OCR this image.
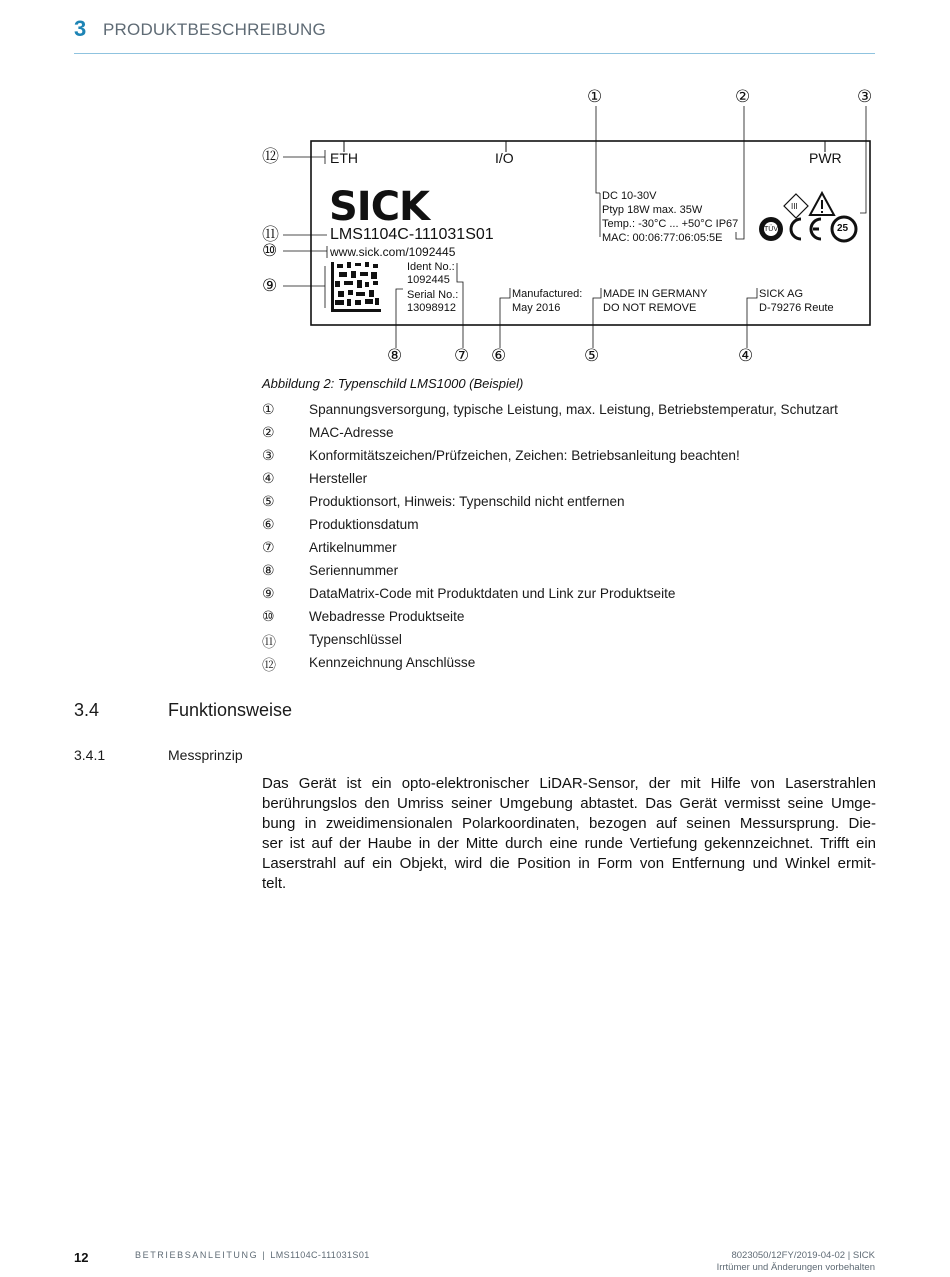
3 PRODUKTBESCHREIBUNG
①	②	③
④
⑤
⑥
⑦
⑧
⑨
⑩
⑪
⑫	ETH	I/O	PWR
SICK
LMS1104C-111031S01
www.sick.com/1092445
Ident No.:
1092445
Serial No.:
13098912
Manufactured:
May 2016
MADE IN GERMANY
DO NOT REMOVE
SICK AG
D-79276 Reute
DC 10-30V
Ptyp 18W max. 35W
Temp.: -30°C ... +50°C IP67
MAC: 00:06:77:06:05:5E
III
TÜV	25
Abbildung 2: Typenschild LMS1000 (Beispiel)
①	Spannungsversorgung, typische Leistung, max. Leistung, Betriebstemperatur, Schutzart
②	MAC-Adresse
③	Konformitätszeichen/Prüfzeichen, Zeichen: Betriebsanleitung beachten!
④	Hersteller
⑤	Produktionsort, Hinweis: Typenschild nicht entfernen
⑥	Produktionsdatum
⑦	Artikelnummer
⑧	Seriennummer
⑨	DataMatrix-Code mit Produktdaten und Link zur Produktseite
⑩	Webadresse Produktseite
⑪ Typenschlüssel
⑫ Kennzeichnung Anschlüsse
3.4	Funktionsweise
3.4.1	Messprinzip
Das Gerät ist ein opto-elektronischer LiDAR-Sensor, der mit Hilfe von Laserstrahlen
berührungslos den Umriss seiner Umgebung abtastet. Das Gerät vermisst seine Umge-
bung in zweidimensionalen Polarkoordinaten, bezogen auf seinen Messursprung. Die-
ser ist auf der Haube in der Mitte durch eine runde Vertiefung gekennzeichnet. Trifft ein
Laserstrahl auf ein Objekt, wird die Position in Form von Entfernung und Winkel ermit-
telt.
12	BETRIEBSANLEITUNG | LMS1104C-111031S01	8023050/12FY/2019-04-02 | SICK
Irrtümer und Änderungen vorbehalten
